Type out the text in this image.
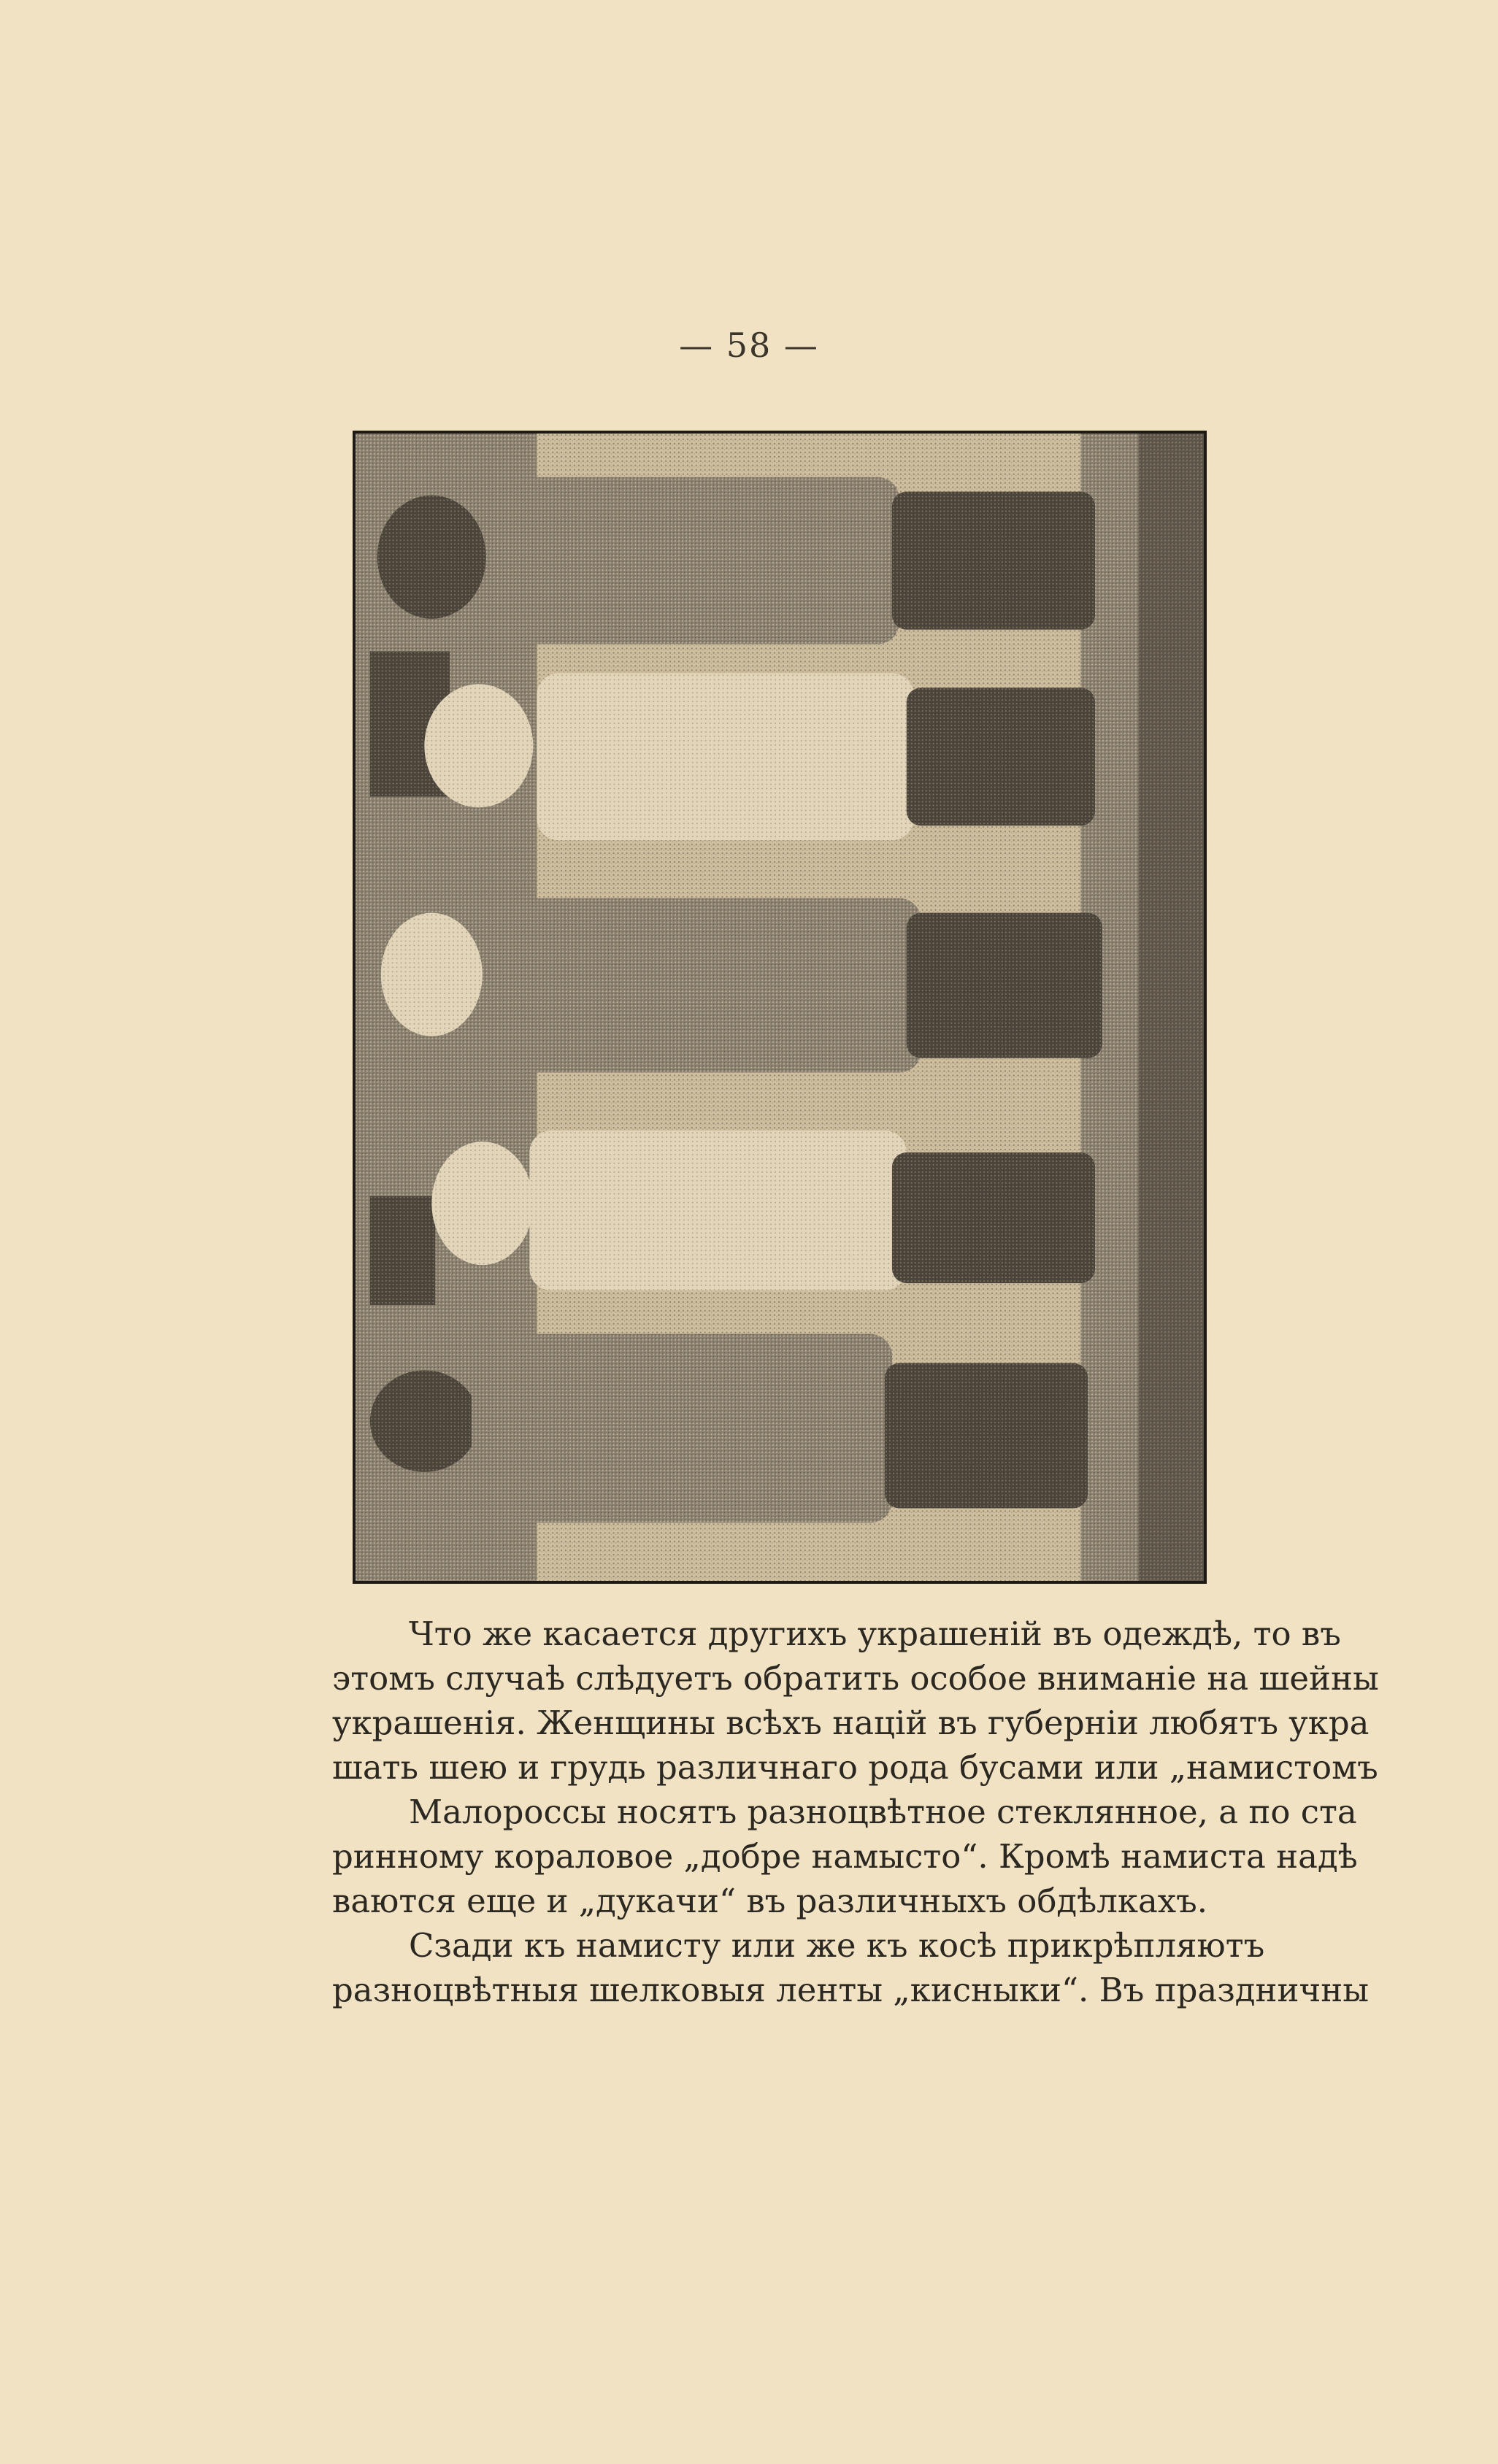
— 58 —
Что же касается другихъ украшеній въ одеждѣ, то въ
этомъ случаѣ слѣдуетъ обратить особое вниманіе на шейны
украшенія. Женщины всѣхъ націй въ губерніи любятъ укра
шать шею и грудь различнаго рода бусами или „намистомъ
Малороссы носятъ разноцвѣтное стеклянное, а по ста
ринному кораловое „добре намысто“. Кромѣ намиста надѣ
ваются еще и „дукачи“ въ различныхъ обдѣлкахъ.
Сзади къ намисту или же къ косѣ прикрѣпляютъ
разноцвѣтныя шелковыя ленты „кисныки“. Въ праздничны
